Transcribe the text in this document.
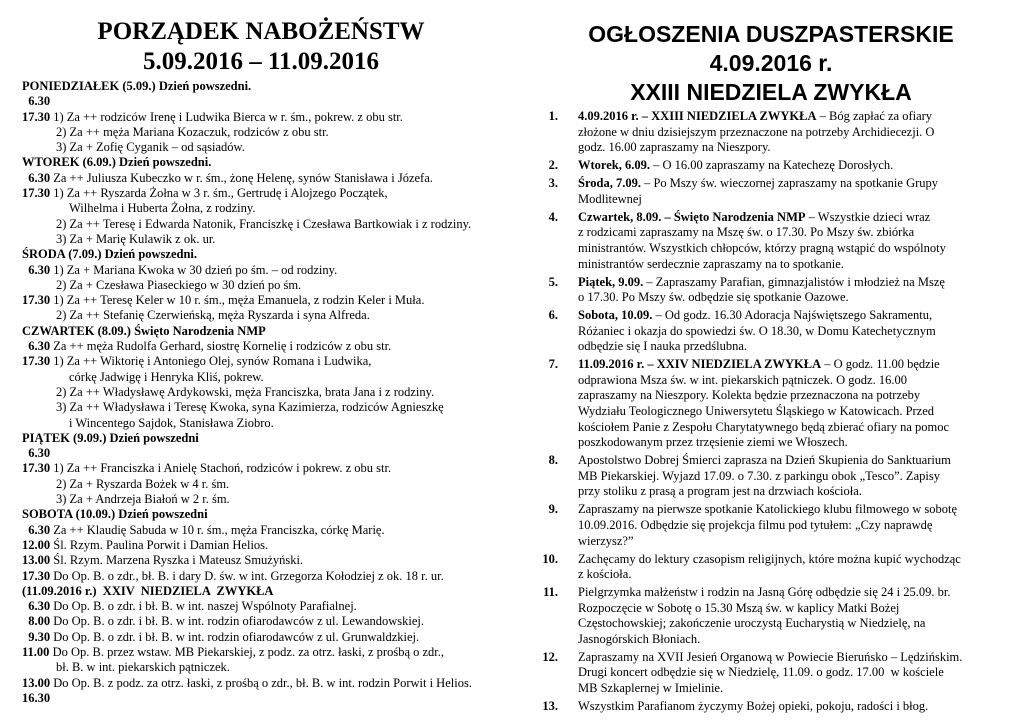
PORZĄDEK NABOŻEŃSTW
5.09.2016 – 11.09.2016
PONIEDZIAŁEK (5.09.) Dzień powszedni.
6.30
17.30 1) Za ++ rodziców Irenę i Ludwika Bierca w r. śm., pokrew. z obu str.
2) Za ++ męża Mariana Kozaczuk, rodziców z obu str.
3) Za + Zofię Cyganik – od sąsiadów.
WTOREK (6.09.) Dzień powszedni.
6.30 Za ++ Juliusza Kubeczko w r. śm., żonę Helenę, synów Stanisława i Józefa.
17.30 1) Za ++ Ryszarda Żołna w 3 r. śm., Gertrudę i Alojzego Początek,
Wilhelma i Huberta Żołna, z rodziny.
2) Za ++ Teresę i Edwarda Natonik, Franciszkę i Czesława Bartkowiak i z rodziny.
3) Za + Marię Kulawik z ok. ur.
ŚRODA (7.09.) Dzień powszedni.
6.30 1) Za + Mariana Kwoka w 30 dzień po śm. – od rodziny.
2) Za + Czesława Piaseckiego w 30 dzień po śm.
17.30 1) Za ++ Teresę Keler w 10 r. śm., męża Emanuela, z rodzin Keler i Muła.
2) Za ++ Stefanię Czerwieńską, męża Ryszarda i syna Alfreda.
CZWARTEK (8.09.) Święto Narodzenia NMP
6.30 Za ++ męża Rudolfa Gerhard, siostrę Kornelię i rodziców z obu str.
17.30 1) Za ++ Wiktorię i Antoniego Olej, synów Romana i Ludwika,
córkę Jadwigę i Henryka Kliś, pokrew.
2) Za ++ Władysławę Ardykowski, męża Franciszka, brata Jana i z rodziny.
3) Za ++ Władysława i Teresę Kwoka, syna Kazimierza, rodziców Agnieszkę
i Wincentego Sajdok, Stanisława Ziobro.
PIĄTEK (9.09.) Dzień powszedni
6.30
17.30 1) Za ++ Franciszka i Anielę Stachoń, rodziców i pokrew. z obu str.
2) Za + Ryszarda Bożek w 4 r. śm.
3) Za + Andrzeja Białoń w 2 r. śm.
SOBOTA (10.09.) Dzień powszedni
6.30 Za ++ Klaudię Sabuda w 10 r. śm., męża Franciszka, córkę Marię.
12.00 Śl. Rzym. Paulina Porwit i Damian Helios.
13.00 Śl. Rzym. Marzena Ryszka i Mateusz Smużyński.
17.30 Do Op. B. o zdr., bł. B. i dary D. św. w int. Grzegorza Kołodziej z ok. 18 r. ur.
(11.09.2016 r.)  XXIV  NIEDZIELA  ZWYKŁA
6.30 Do Op. B. o zdr. i bł. B. w int. naszej Wspólnoty Parafialnej.
8.00 Do Op. B. o zdr. i bł. B. w int. rodzin ofiarodawców z ul. Lewandowskiej.
9.30 Do Op. B. o zdr. i bł. B. w int. rodzin ofiarodawców z ul. Grunwaldzkiej.
11.00 Do Op. B. przez wstaw. MB Piekarskiej, z podz. za otrz. łaski, z prośbą o zdr.,
bł. B. w int. piekarskich pątniczek.
13.00 Do Op. B. z podz. za otrz. łaski, z prośbą o zdr., bł. B. w int. rodzin Porwit i Helios.
16.30
OGŁOSZENIA DUSZPASTERSKIE
4.09.2016 r.
XXIII NIEDZIELA ZWYKŁA
1. 4.09.2016 r. – XXIII NIEDZIELA ZWYKŁA – Bóg zapłać za ofiary
złożone w dniu dzisiejszym przeznaczone na potrzeby Archidiecezji. O
godz. 16.00 zapraszamy na Nieszpory.
2. Wtorek, 6.09. – O 16.00 zapraszamy na Katechezę Dorosłych.
3. Środa, 7.09. – Po Mszy św. wieczornej zapraszamy na spotkanie Grupy
Modlitewnej
4. Czwartek, 8.09. – Święto Narodzenia NMP – Wszystkie dzieci wraz
z rodzicami zapraszamy na Mszę św. o 17.30. Po Mszy św. zbiórka
ministrantów. Wszystkich chłopców, którzy pragną wstąpić do wspólnoty
ministrantów serdecznie zapraszamy na to spotkanie.
5. Piątek, 9.09. – Zapraszamy Parafian, gimnazjalistów i młodzież na Mszę
o 17.30. Po Mszy św. odbędzie się spotkanie Oazowe.
6. Sobota, 10.09. – Od godz. 16.30 Adoracja Najświętszego Sakramentu,
Różaniec i okazja do spowiedzi św. O 18.30, w Domu Katechetycznym
odbędzie się I nauka przedślubna.
7. 11.09.2016 r. – XXIV NIEDZIELA ZWYKŁA – O godz. 11.00 będzie
odprawiona Msza św. w int. piekarskich pątniczek. O godz. 16.00
zapraszamy na Nieszpory. Kolekta będzie przeznaczona na potrzeby
Wydziału Teologicznego Uniwersytetu Śląskiego w Katowicach. Przed
kościołem Panie z Zespołu Charytatywnego będą zbierać ofiary na pomoc
poszkodowanym przez trzęsienie ziemi we Włoszech.
8. Apostolstwo Dobrej Śmierci zaprasza na Dzień Skupienia do Sanktuarium
MB Piekarskiej. Wyjazd 17.09. o 7.30. z parkingu obok „Tesco”. Zapisy
przy stoliku z prasą a program jest na drzwiach kościoła.
9. Zapraszamy na pierwsze spotkanie Katolickiego klubu filmowego w sobotę
10.09.2016. Odbędzie się projekcja filmu pod tytułem: „Czy naprawdę
wierzysz?”
10. Zachęcamy do lektury czasopism religijnych, które można kupić wychodząc
z kościoła.
11. Pielgrzymka małżeństw i rodzin na Jasną Górę odbędzie się 24 i 25.09. br.
Rozpoczęcie w Sobotę o 15.30 Mszą św. w kaplicy Matki Bożej
Częstochowskiej; zakończenie uroczystą Eucharystią w Niedzielę, na
Jasnogórskich Błoniach.
12. Zapraszamy na XVII Jesień Organową w Powiecie Bieruńsko – Lędzińskim.
Drugi koncert odbędzie się w Niedzielę, 11.09. o godz. 17.00  w kościele
MB Szkaplernej w Imielinie.
13. Wszystkim Parafianom życzymy Bożej opieki, pokoju, radości i błog.
